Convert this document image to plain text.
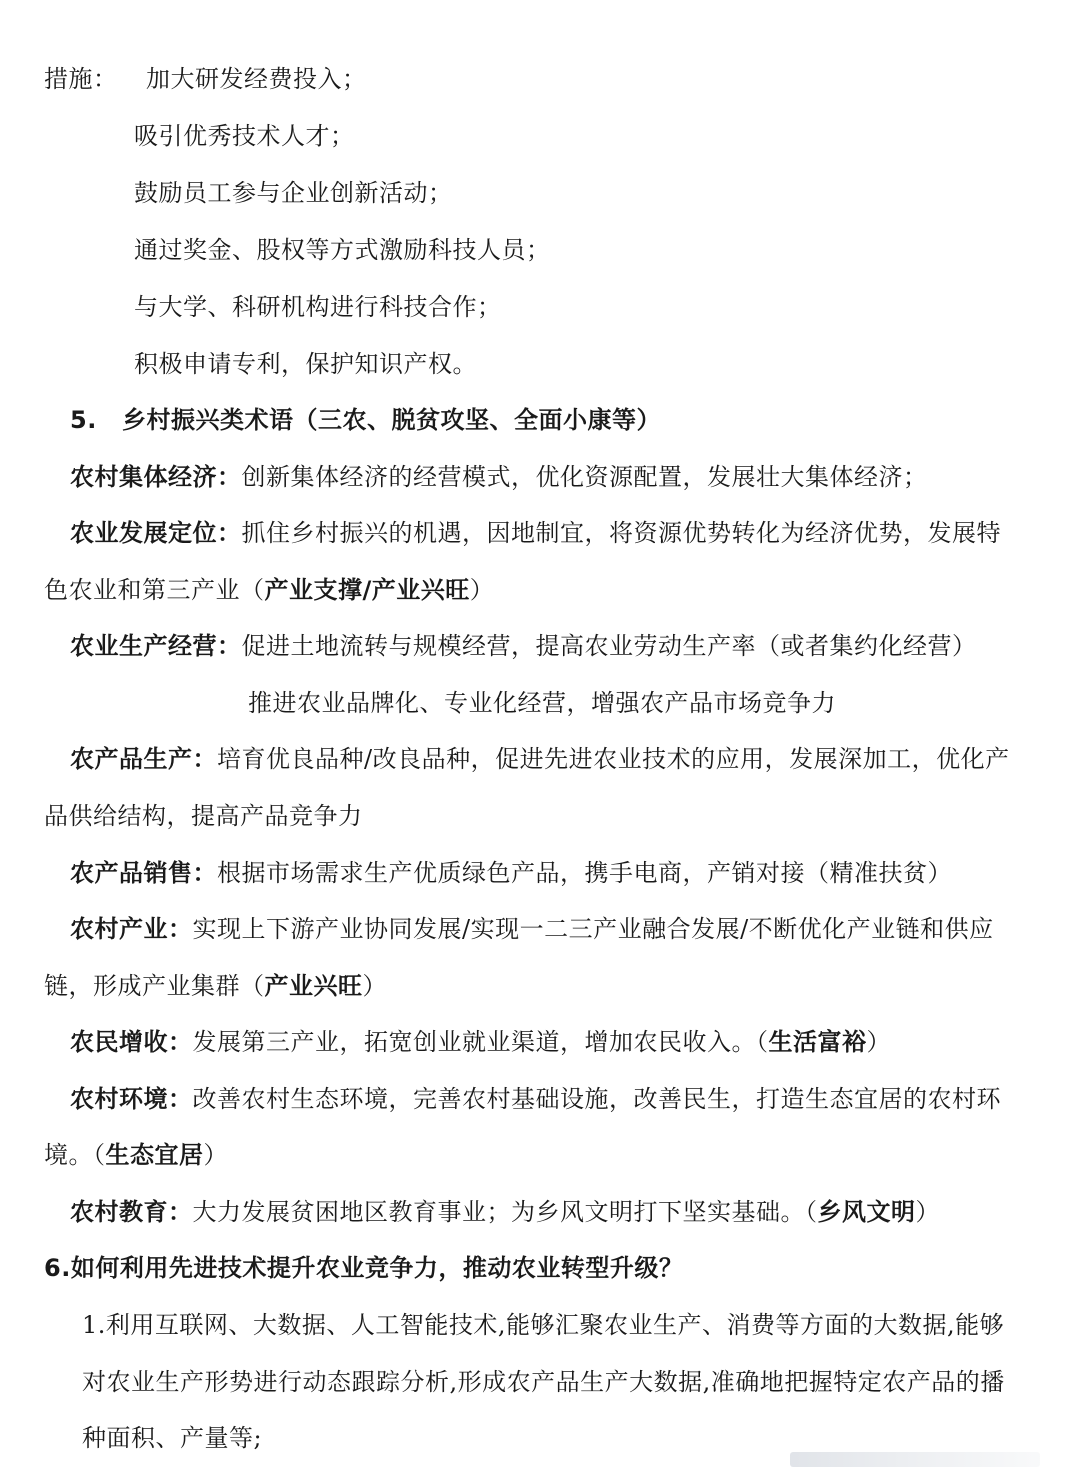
措施： 加大研发经费投入；
吸引优秀技术人才；
鼓励员工参与企业创新活动；
通过奖金、股权等方式激励科技人员；
与大学、科研机构进行科技合作；
积极申请专利，保护知识产权。
5. 乡村振兴类术语（三农、脱贫攻坚、全面小康等）
农村集体经济：创新集体经济的经营模式，优化资源配置，发展壮大集体经济；
农业发展定位：抓住乡村振兴的机遇，因地制宜，将资源优势转化为经济优势，发展特
色农业和第三产业（产业支撑/产业兴旺）
农业生产经营：促进土地流转与规模经营，提高农业劳动生产率（或者集约化经营）
推进农业品牌化、专业化经营，增强农产品市场竞争力
农产品生产：培育优良品种/改良品种，促进先进农业技术的应用，发展深加工，优化产
品供给结构，提高产品竞争力
农产品销售：根据市场需求生产优质绿色产品，携手电商，产销对接（精准扶贫）
农村产业：实现上下游产业协同发展/实现一二三产业融合发展/不断优化产业链和供应
链，形成产业集群（产业兴旺）
农民增收：发展第三产业，拓宽创业就业渠道，增加农民收入。（生活富裕）
农村环境：改善农村生态环境，完善农村基础设施，改善民生，打造生态宜居的农村环
境。（生态宜居）
农村教育：大力发展贫困地区教育事业；为乡风文明打下坚实基础。（乡风文明）
6.如何利用先进技术提升农业竞争力，推动农业转型升级？
1.利用互联网、大数据、人工智能技术,能够汇聚农业生产、消费等方面的大数据,能够
对农业生产形势进行动态跟踪分析,形成农产品生产大数据,准确地把握特定农产品的播
种面积、产量等;
